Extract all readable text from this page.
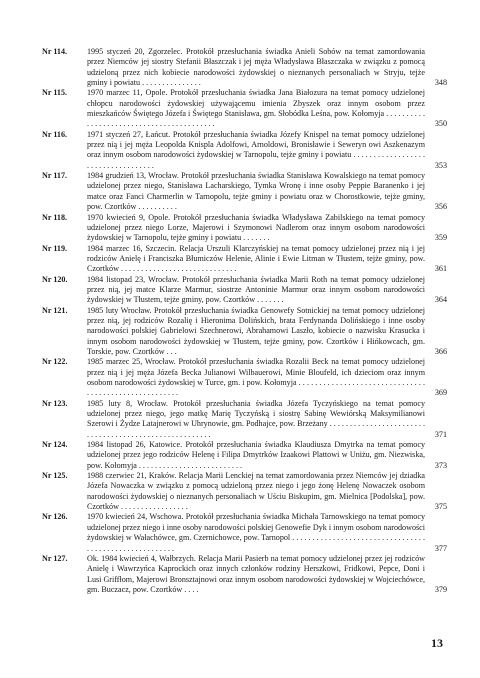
Nr 114.	1995 styczeń 20, Zgorzelec. Protokół przesłuchania świadka Anieli Sobów na temat zamordowania przez Niemców jej siostry Stefanii Błaszczak i jej męża Władysława Błaszczaka w związku z pomocą udzieloną przez nich kobiecie narodowości żydowskiej o nieznanych personaliach w Stryju, tejże gminy i powiatu . . . . . . . . . . . . . . .	348
Nr 115.	1970 marzec 11, Opole. Protokół przesłuchania świadka Jana Białozura na temat pomocy udzielonej chłopcu narodowości żydowskiej używającemu imienia Zbyszek oraz innym osobom przez mieszkańców Świętego Józefa i Świętego Stanisława, gm. Słobódka Leśna, pow. Kołomyja . . . . . . . . . . . . . . . . . . . . . . . . . . . . . . . . . . . . . . . . . .	350
Nr 116.	1971 styczeń 27, Łańcut. Protokół przesłuchania świadka Józefy Knispel na temat pomocy udzielonej przez nią i jej męża Leopolda Knispla Adolfowi, Arnoldowi, Bronisławie i Seweryn owi Aszkenazym oraz innym osobom narodowości żydowskiej w Tarnopolu, tejże gminy i powiatu . . . . . . . . . . . . . . . . . . . . . . . . . . . . . . . . . . .	353
Nr 117.	1984 grudzień 13, Wrocław. Protokół przesłuchania świadka Stanisława Kowalskiego na temat pomocy udzielonej przez niego, Stanisława Lacharskiego, Tymka Wronę i inne osoby Peppie Baranenko i jej matce oraz Fanci Charmerlin w Tarnopolu, tejże gminy i powiatu oraz w Chorostkowie, tejże gminy, pow. Czortków . . . . . . . . . .	356
Nr 118.	1970 kwiecień 9, Opole. Protokół przesłuchania świadka Władysława Zabilskiego na temat pomocy udzielonej przez niego Lorze, Majerowi i Szymonowi Nadlerom oraz innym osobom narodowości żydowskiej w Tarnopolu, tejże gminy i powiatu . . . . . . .	359
Nr 119.	1984 marzec 16, Szczecin. Relacja Urszuli Klarczyńskiej na temat pomocy udzielonej przez nią i jej rodziców Anielę i Franciszka Błumiczów Helenie, Alinie i Ewie Litman w Tłustem, tejże gminy, pow. Czortków . . . . . . . . . . . . . . . . . . . . . . . . . . . . .	361
Nr 120.	1984 listopad 23, Wrocław. Protokół przesłuchania świadka Marii Roth na temat pomocy udzielonej przez nią, jej matce Klarze Marmur, siostrze Antoninie Marmur oraz innym osobom narodowości żydowskiej w Tłustem, tejże gminy, pow. Czortków . . . . . . .	364
Nr 121.	1985 luty Wrocław. Protokół przesłuchania świadka Genowefy Sotnickiej na temat pomocy udzielonej przez nią, jej rodziców Rozalię i Hieronima Dolińskich, brata Ferdynanda Dolińskiego i inne osoby narodowości polskiej Gabrielowi Szechnerowi, Abrahamowi Laszło, kobiecie o nazwisku Krasucka i innym osobom narodowości żydowskiej w Tłustem, tejże gminy, pow. Czortków i Hińkowcach, gm. Torskie, pow. Czortków . . .	366
Nr 122.	1985 marzec 25, Wrocław. Protokół przesłuchania świadka Rozalii Beck na temat pomocy udzielonej przez nią i jej męża Józefa Becka Julianowi Wilbauerowi, Minie Bloufeld, ich dzieciom oraz innym osobom narodowości żydowskiej w Turce, gm. i pow. Kołomyja . . . . . . . . . . . . . . . . . . . . . . . . . . . . . . . . . . . . . . . . . . . . . . . . . . . . . .	369
Nr 123.	1985 luty 8, Wrocław. Protokół przesłuchania świadka Józefa Tyczyńskiego na temat pomocy udzielonej przez niego, jego matkę Marię Tyczyńską i siostrę Sabinę Wewiórską Maksymilianowi Szerowi i Żydze Latajnerowi w Uhrynowie, gm. Podhajce, pow. Brzeżany . . . . . . . . . . . . . . . . . . . . . . . . . . . . . . . . . . . . . . . . . . . . . . . . . . . . . . .	371
Nr 124.	1984 listopad 26, Katowice. Protokół przesłuchania świadka Klaudiusza Dmytrka na temat pomocy udzielonej przez jego rodziców Helenę i Filipa Dmytrków Izaakowi Plattowi w Uniżu, gm. Niezwiska, pow. Kołomyja . . . . . . . . . . . . . . . . . . . . . . . . . .	373
Nr 125.	1988 czerwiec 21, Kraków. Relacja Marii Lenckiej na temat zamordowania przez Niemców jej dziadka Józefa Nowaczka w związku z pomocą udzieloną przez niego i jego żonę Helenę Nowaczek osobom narodowości żydowskiej o nieznanych personaliach w Uściu Biskupim, gm. Mielnica [Podolska], pow. Czortków . . . . . . . . . . . . . . . . .	375
Nr 126.	1970 kwiecień 24, Wschowa. Protokół przesłuchania świadka Michała Tarnowskiego na temat pomocy udzielonej przez niego i inne osoby narodowości polskiej Genowefie Dyk i innym osobom narodowości żydowskiej w Wałachówce, gm. Czernichowce, pow. Tarnopol . . . . . . . . . . . . . . . . . . . . . . . . . . . . . . . . . . . . . . . . . . . . . . . . . . . . . . .	377
Nr 127.	Ok. 1984 kwiecień 4, Wałbrzych. Relacja Marii Pasierb na temat pomocy udzielonej przez jej rodziców Anielę i Wawrzyńca Kaprockich oraz innych członków rodziny Herszkowi, Fridkowi, Pepce, Doni i Lusi Griffłom, Majerowi Bronsztajnowi oraz innym osobom narodowości żydowskiej w Wojciechówce, gm. Buczacz, pow. Czortków . . . .	379
13
